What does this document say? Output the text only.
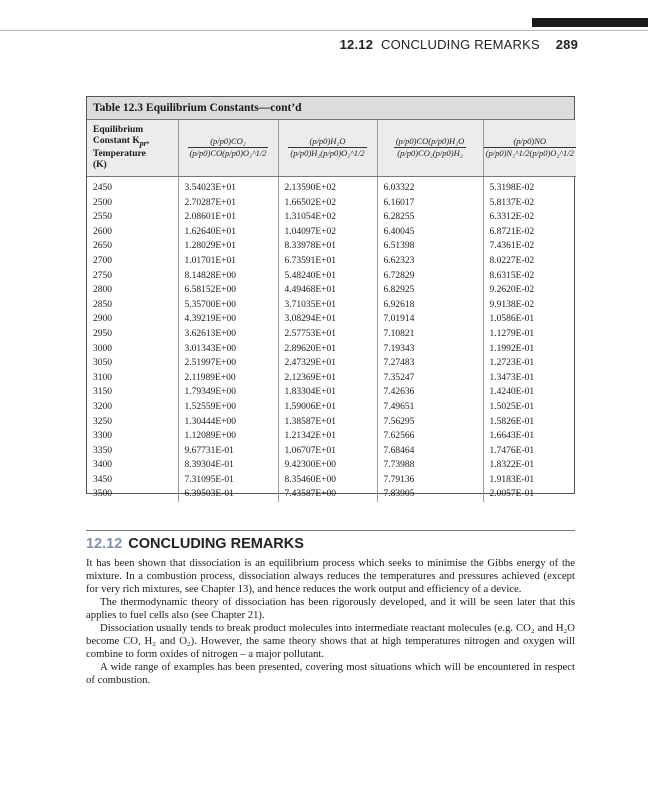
12.12 CONCLUDING REMARKS 289
Table 12.3 Equilibrium Constants—cont’d
Equilibrium
Constant $K_{pr}$,
Temperature
(K)	$\frac{\text{(p/p0)CO₂}}{\text{(p/p0)CO(p/p0)O₂\textasciicircum{}1/2}}$	$\frac{\text{(p/p0)H₂O}}{\text{(p/p0)H₂(p/p0)O₂\textasciicircum{}1/2}}$	$\frac{\text{(p/p0)CO(p/p0)H₂O}}{\text{(p/p0)CO₂(p/p0)H₂}}$	$\frac{(p/p0)NO}{\text{(p/p0)N₂\textasciicircum{}1/2(p/p0)O₂\textasciicircum{}1/2}}$

2450	3.54023E+01	2.13590E+02	6.03322	5.3198E-02
2500	2.70287E+01	1.66502E+02	6.16017	5.8137E-02
2550	2.08601E+01	1.31054E+02	6.28255	6.3312E-02
2600	1.62640E+01	1.04097E+02	6.40045	6.8721E-02
2650	1.28029E+01	8.33978E+01	6.51398	7.4361E-02
2700	1.01701E+01	6.73591E+01	6.62323	8.0227E-02
2750	8.14828E+00	5.48240E+01	6.72829	8.6315E-02
2800	6.58152E+00	4.49468E+01	6.82925	9.2620E-02
2850	5.35700E+00	3.71035E+01	6.92618	9.9138E-02
2900	4.39219E+00	3.08294E+01	7.01914	1.0586E-01
2950	3.62613E+00	2.57753E+01	7.10821	1.1279E-01
3000	3.01343E+00	2.89620E+01	7.19343	1.1992E-01
3050	2.51997E+00	2.47329E+01	7.27483	1.2723E-01
3100	2.11989E+00	2.12369E+01	7.35247	1.3473E-01
3150	1.79349E+00	1.83304E+01	7.42636	1.4240E-01
3200	1.52559E+00	1.59006E+01	7.49651	1.5025E-01
3250	1.30444E+00	1.38587E+01	7.56295	1.5826E-01
3300	1.12089E+00	1.21342E+01	7.62566	1.6643E-01
3350	9.67731E-01	1.06707E+01	7.68464	1.7476E-01
3400	8.39304E-01	9.42300E+00	7.73988	1.8322E-01
3450	7.31095E-01	8.35460E+00	7.79136	1.9183E-01
3500	6.39503E-01	7.43587E+00	7.83905	2.0057E-01
12.12 CONCLUDING REMARKS

It has been shown that dissociation is an equilibrium process which seeks to minimise the Gibbs energy of the mixture. In a combustion process, dissociation always reduces the temperatures and pressures achieved (except for very rich mixtures, see Chapter 13), and hence reduces the work output and efficiency of a device.

The thermodynamic theory of dissociation has been rigorously developed, and it will be seen later that this applies to fuel cells also (see Chapter 21).

Dissociation usually tends to break product molecules into intermediate reactant molecules (e.g. CO₂ and H₂O become CO, H₂ and O₂). However, the same theory shows that at high temperatures nitrogen and oxygen will combine to form oxides of nitrogen – a major pollutant.

A wide range of examples has been presented, covering most situations which will be encountered in respect of combustion.
